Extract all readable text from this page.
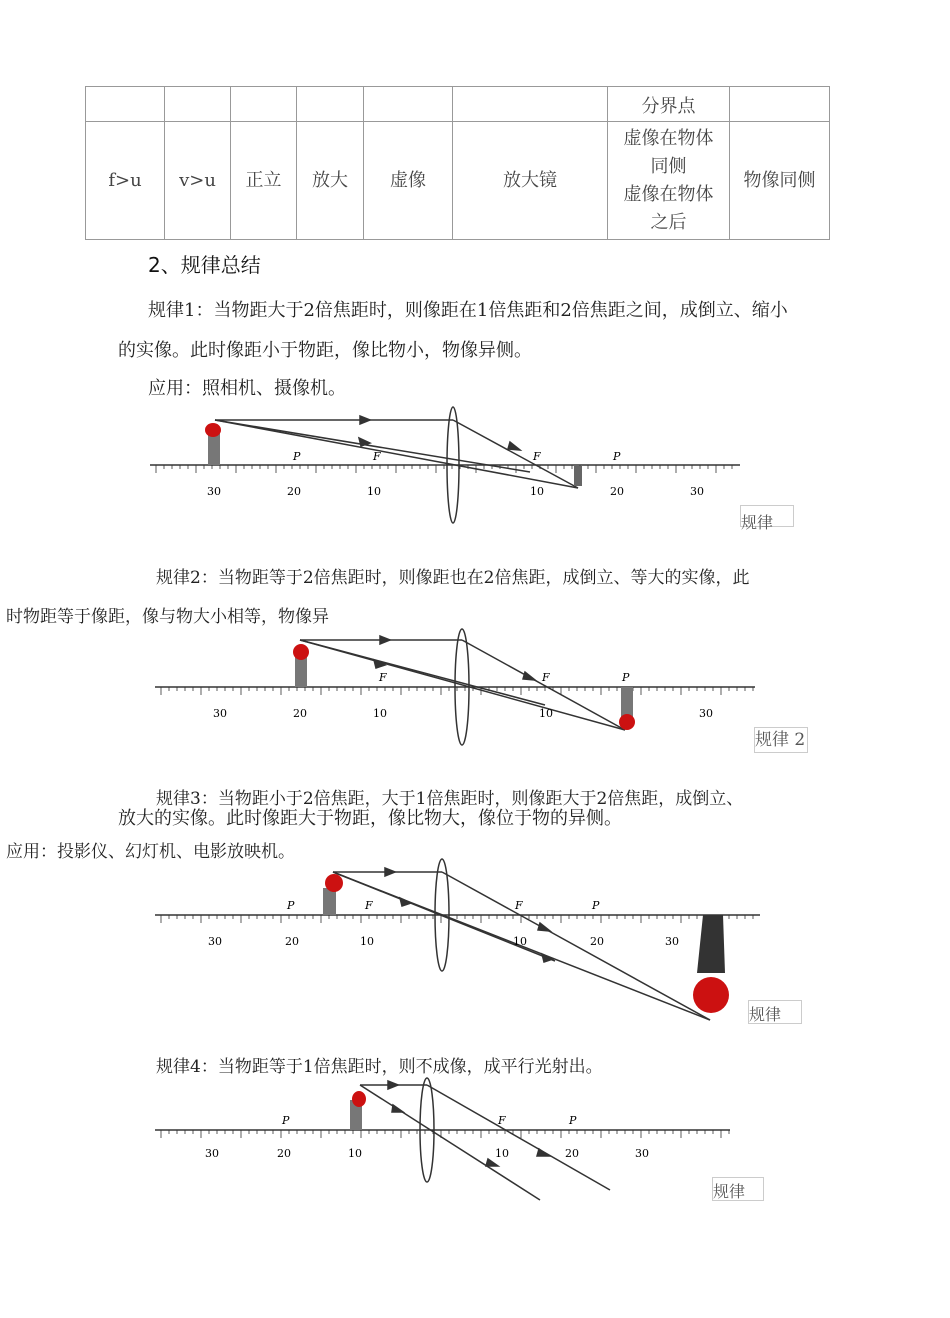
						分界点	
f>u	v>u	正立	放大	虚像	放大镜	虚像在物体
同侧
虚像在物体
之后	物像同侧
2、规律总结
规律1：当物距大于2倍焦距时，则像距在1倍焦距和2倍焦距之间，成倒立、缩小
的实像。此时像距小于物距，像比物小，物像异侧。
应用：照相机、摄像机。
P	F	F	P
30	20	10	10	20	30
规律
规律2：当物距等于2倍焦距时，则像距也在2倍焦距，成倒立、等大的实像，此
时物距等于像距，像与物大小相等，物像异
F	F	P
30	20	10	10	30
规律 2
规律3：当物距小于2倍焦距，大于1倍焦距时，则像距大于2倍焦距，成倒立、
放大的实像。此时像距大于物距，像比物大，像位于物的异侧。
应用：投影仪、幻灯机、电影放映机。
P	F	F	P
30	20	10	10	20	30
规律
规律4：当物距等于1倍焦距时，则不成像，成平行光射出。
P	F	P
30	20	10	10	20	30
规律
